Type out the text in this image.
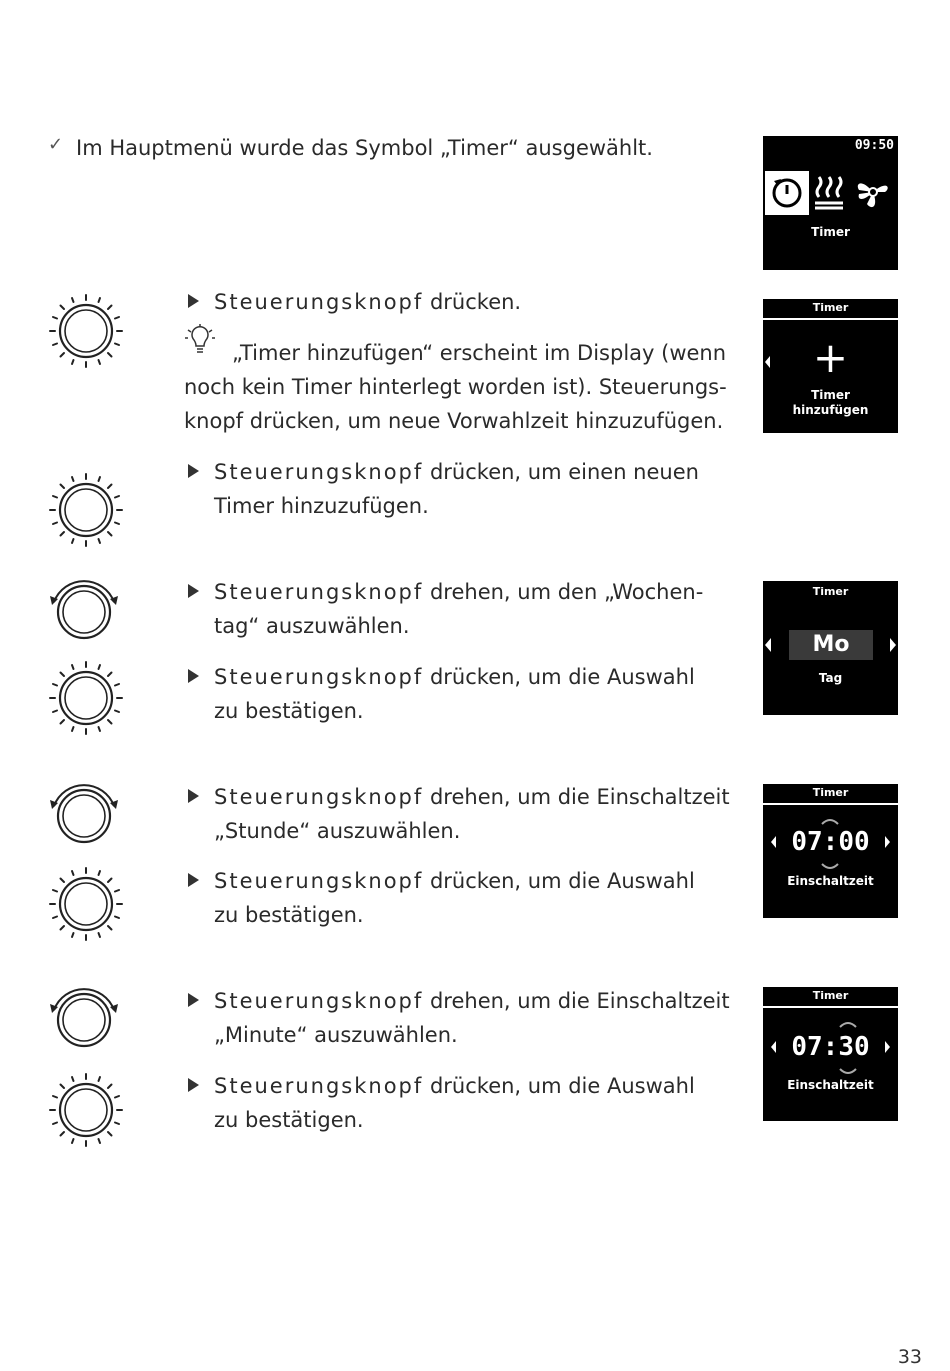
✓ Im Hauptmenü wurde das Symbol „Timer“ ausgewählt.	09:50
Timer
Steuerungsknopf drücken.
„Timer hinzufügen“ erscheint im Display (wenn
noch kein Timer hinterlegt worden ist). Steuerungs-
knopf drücken, um neue Vorwahlzeit hinzuzufügen.
Timer
+
Timer
hinzufügen
Steuerungsknopf drücken, um einen neuen
Timer hinzuzufügen.
Steuerungsknopf drehen, um den „Wochen-
tag“ auszuwählen.
Steuerungsknopf drücken, um die Auswahl
zu bestätigen.
Timer
Mo
Tag
Steuerungsknopf drehen, um die Einschaltzeit
„Stunde“ auszuwählen.
Steuerungsknopf drücken, um die Auswahl
zu bestätigen.
Timer
07:00
Einschaltzeit
Steuerungsknopf drehen, um die Einschaltzeit
„Minute“ auszuwählen.
Steuerungsknopf drücken, um die Auswahl
zu bestätigen.
Timer
07:30
Einschaltzeit
33
